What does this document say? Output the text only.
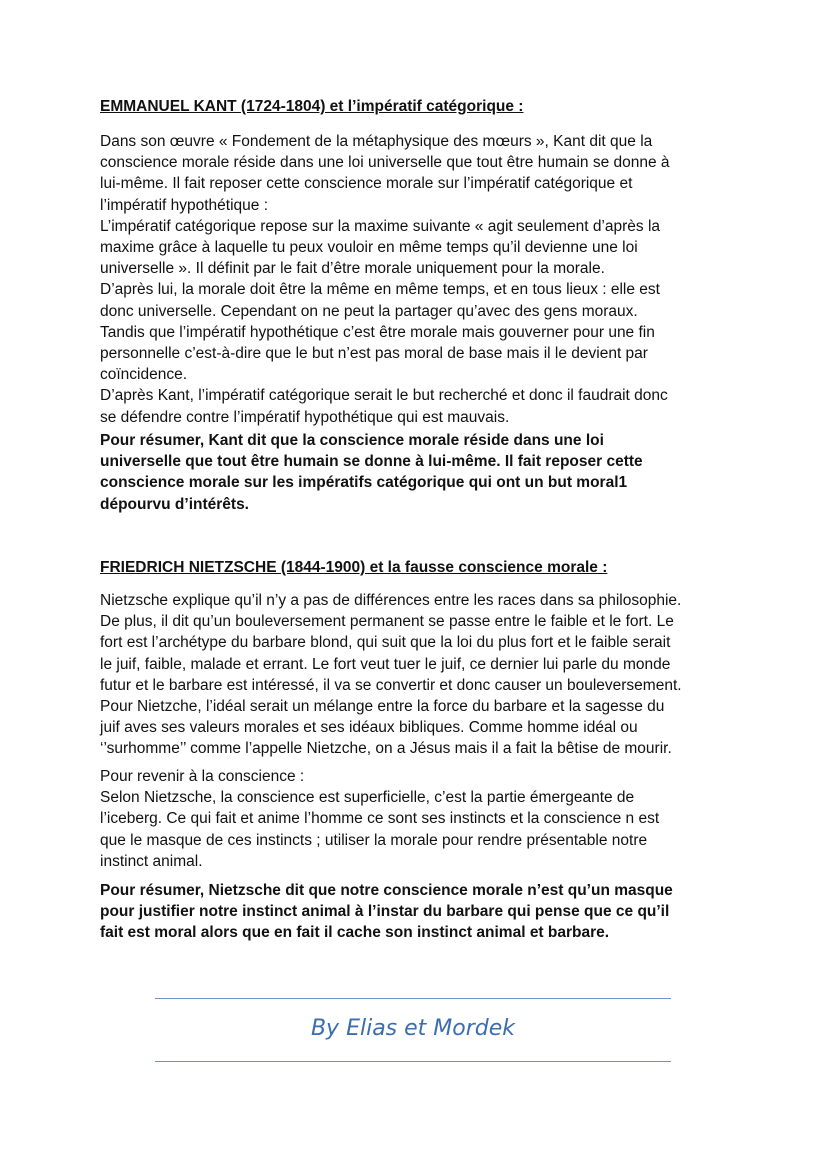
EMMANUEL KANT (1724-1804) et l’impératif catégorique :
Dans son œuvre « Fondement de la métaphysique des mœurs », Kant dit que la
conscience morale réside dans une loi universelle que tout être humain se donne à
lui-même. Il fait reposer cette conscience morale sur l’impératif catégorique et
l’impératif hypothétique :
L’impératif catégorique repose sur la maxime suivante « agit seulement d’après la
maxime grâce à laquelle tu peux vouloir en même temps qu’il devienne une loi
universelle ». Il définit par le fait d’être morale uniquement pour la morale.
D’après lui, la morale doit être la même en même temps, et en tous lieux : elle est
donc universelle. Cependant on ne peut la partager qu’avec des gens moraux.
Tandis que l’impératif hypothétique c’est être morale mais gouverner pour une fin
personnelle c’est-à-dire que le but n’est pas moral de base mais il le devient par
coïncidence.
D’après Kant, l’impératif catégorique serait le but recherché et donc il faudrait donc
se défendre contre l’impératif hypothétique qui est mauvais.
Pour résumer, Kant dit que la conscience morale réside dans une loi
universelle que tout être humain se donne à lui-même. Il fait reposer cette
conscience morale sur les impératifs catégorique qui ont un but moral1
dépourvu d’intérêts.
FRIEDRICH NIETZSCHE (1844-1900) et la fausse conscience morale :
Nietzsche explique qu’il n’y a pas de différences entre les races dans sa philosophie.
De plus, il dit qu’un bouleversement permanent se passe entre le faible et le fort. Le
fort est l’archétype du barbare blond, qui suit que la loi du plus fort et le faible serait
le juif, faible, malade et errant. Le fort veut tuer le juif, ce dernier lui parle du monde
futur et le barbare est intéressé, il va se convertir et donc causer un bouleversement.
Pour Nietzche, l’idéal serait un mélange entre la force du barbare et la sagesse du
juif aves ses valeurs morales et ses idéaux bibliques. Comme homme idéal ou
‘’surhomme’’ comme l’appelle Nietzche, on a Jésus mais il a fait la bêtise de mourir.
Pour revenir à la conscience :
Selon Nietzsche, la conscience est superficielle, c’est la partie émergeante de
l’iceberg. Ce qui fait et anime l’homme ce sont ses instincts et la conscience n est
que le masque de ces instincts ; utiliser la morale pour rendre présentable notre
instinct animal.
Pour résumer, Nietzsche dit que notre conscience morale n’est qu’un masque
pour justifier notre instinct animal à l’instar du barbare qui pense que ce qu’il
fait est moral alors que en fait il cache son instinct animal et barbare.
By Elias et Mordek
